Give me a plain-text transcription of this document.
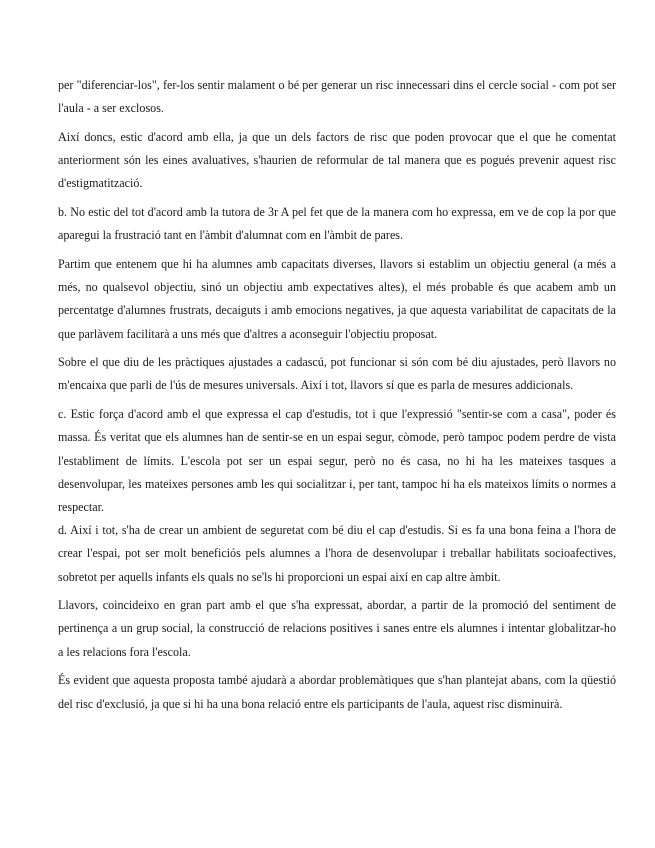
per "diferenciar-los", fer-los sentir malament o bé per generar un risc innecessari dins el cercle social - com pot ser l'aula - a ser exclosos.

Així doncs, estic d'acord amb ella, ja que un dels factors de risc que poden provocar que el que he comentat anteriorment són les eines avaluatives, s'haurien de reformular de tal manera que es pogués prevenir aquest risc d'estigmatització.

b. No estic del tot d'acord amb la tutora de 3r A pel fet que de la manera com ho expressa, em ve de cop la por que aparegui la frustració tant en l'àmbit d'alumnat com en l'àmbit de pares.

Partim que entenem que hi ha alumnes amb capacitats diverses, llavors si establim un objectiu general (a més a més, no qualsevol objectiu, sinó un objectiu amb expectatives altes), el més probable és que acabem amb un percentatge d'alumnes frustrats, decaiguts i amb emocions negatives, ja que aquesta variabilitat de capacitats de la que parlàvem facilitarà a uns més que d'altres a aconseguir l'objectiu proposat.

Sobre el que diu de les pràctiques ajustades a cadascú, pot funcionar si són com bé diu ajustades, però llavors no m'encaixa que parli de l'ús de mesures universals. Així i tot, llavors sí que es parla de mesures addicionals.

c. Estic força d'acord amb el que expressa el cap d'estudis, tot i que l'expressió "sentir-se com a casa", poder és massa. És veritat que els alumnes han de sentir-se en un espai segur, còmode, però tampoc podem perdre de vista l'establiment de límits. L'escola pot ser un espai segur, però no és casa, no hi ha les mateixes tasques a desenvolupar, les mateixes persones amb les qui socialitzar i, per tant, tampoc hi ha els mateixos límits o normes a respectar.

d. Així i tot, s'ha de crear un ambient de seguretat com bé diu el cap d'estudis. Si es fa una bona feina a l'hora de crear l'espai, pot ser molt beneficiós pels alumnes a l'hora de desenvolupar i treballar habilitats socioafectives, sobretot per aquells infants els quals no se'ls hi proporcioni un espai així en cap altre àmbit.

Llavors, coincideixo en gran part amb el que s'ha expressat, abordar, a partir de la promoció del sentiment de pertinença a un grup social, la construcció de relacions positives i sanes entre els alumnes i intentar globalitzar-ho a les relacions fora l'escola.

És evident que aquesta proposta també ajudarà a abordar problemàtiques que s'han plantejat abans, com la qüestió del risc d'exclusió, ja que si hi ha una bona relació entre els participants de l'aula, aquest risc disminuirà.
